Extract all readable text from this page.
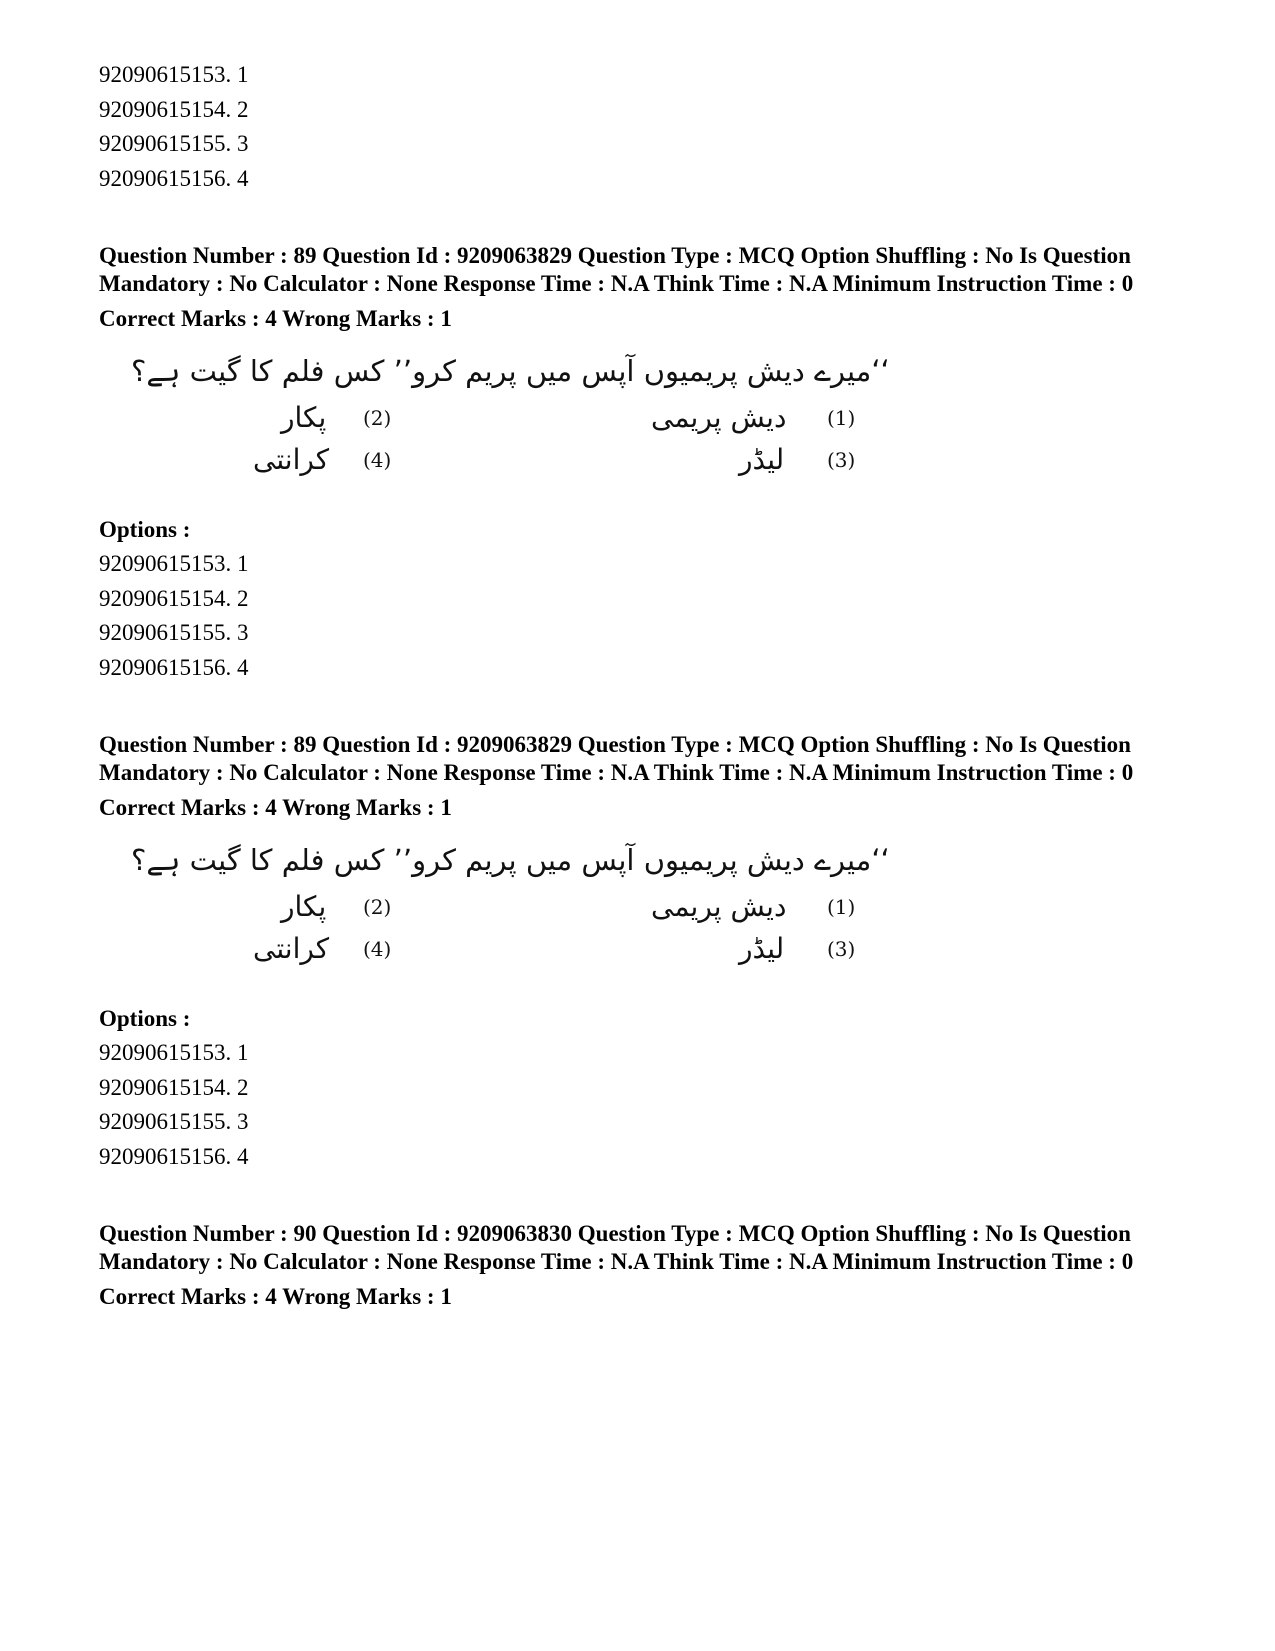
92090615153. 1
92090615154. 2
92090615155. 3
92090615156. 4
Question Number : 89 Question Id : 9209063829 Question Type : MCQ Option Shuffling : No Is Question Mandatory : No Calculator : None Response Time : N.A Think Time : N.A Minimum Instruction Time : 0
Correct Marks : 4 Wrong Marks : 1
‘‘میرے دیش پریمیوں آپس میں پریم کرو’’ کس فلم کا گیت ہے؟
پکار (2)	دیش پریمی (1)
کرانتی (4)	لیڈر (3)
Options :
92090615153. 1
92090615154. 2
92090615155. 3
92090615156. 4
Question Number : 89 Question Id : 9209063829 Question Type : MCQ Option Shuffling : No Is Question Mandatory : No Calculator : None Response Time : N.A Think Time : N.A Minimum Instruction Time : 0
Correct Marks : 4 Wrong Marks : 1
‘‘میرے دیش پریمیوں آپس میں پریم کرو’’ کس فلم کا گیت ہے؟
پکار (2)	دیش پریمی (1)
کرانتی (4)	لیڈر (3)
Options :
92090615153. 1
92090615154. 2
92090615155. 3
92090615156. 4
Question Number : 90 Question Id : 9209063830 Question Type : MCQ Option Shuffling : No Is Question Mandatory : No Calculator : None Response Time : N.A Think Time : N.A Minimum Instruction Time : 0
Correct Marks : 4 Wrong Marks : 1
